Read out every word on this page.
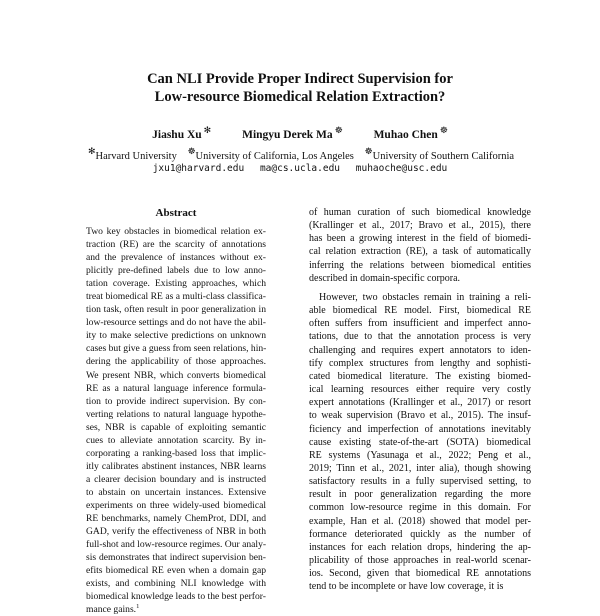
Can NLI Provide Proper Indirect Supervision for
Low-resource Biomedical Relation Extraction?
Jiashu Xu ✻	Mingyu Derek Ma ☸	Muhao Chen ☸
✻Harvard University ☸University of California, Los Angeles ☸University of Southern California
jxu1@harvard.edu ma@cs.ucla.edu muhaoche@usc.edu
Abstract
Two key obstacles in biomedical relation ex-
traction (RE) are the scarcity of annotations
and the prevalence of instances without ex-
plicitly pre-defined labels due to low anno-
tation coverage. Existing approaches, which
treat biomedical RE as a multi-class classifica-
tion task, often result in poor generalization in
low-resource settings and do not have the abil-
ity to make selective predictions on unknown
cases but give a guess from seen relations, hin-
dering the applicability of those approaches.
We present NBR, which converts biomedical
RE as a natural language inference formula-
tion to provide indirect supervision. By con-
verting relations to natural language hypothe-
ses, NBR is capable of exploiting semantic
cues to alleviate annotation scarcity. By in-
corporating a ranking-based loss that implic-
itly calibrates abstinent instances, NBR learns
a clearer decision boundary and is instructed
to abstain on uncertain instances. Extensive
experiments on three widely-used biomedical
RE benchmarks, namely ChemProt, DDI, and
GAD, verify the effectiveness of NBR in both
full-shot and low-resource regimes. Our analy-
sis demonstrates that indirect supervision ben-
efits biomedical RE even when a domain gap
exists, and combining NLI knowledge with
biomedical knowledge leads to the best perfor-
mance gains.$^1$
of human curation of such biomedical knowledge
(Krallinger et al., 2017; Bravo et al., 2015), there
has been a growing interest in the field of biomedi-
cal relation extraction (RE), a task of automatically
inferring the relations between biomedical entities
described in domain-specific corpora.
However, two obstacles remain in training a reli-
able biomedical RE model. First, biomedical RE
often suffers from insufficient and imperfect anno-
tations, due to that the annotation process is very
challenging and requires expert annotators to iden-
tify complex structures from lengthy and sophisti-
cated biomedical literature. The existing biomed-
ical learning resources either require very costly
expert annotations (Krallinger et al., 2017) or resort
to weak supervision (Bravo et al., 2015). The insuf-
ficiency and imperfection of annotations inevitably
cause existing state-of-the-art (SOTA) biomedical
RE systems (Yasunaga et al., 2022; Peng et al.,
2019; Tinn et al., 2021, inter alia), though showing
satisfactory results in a fully supervised setting, to
result in poor generalization regarding the more
common low-resource regime in this domain. For
example, Han et al. (2018) showed that model per-
formance deteriorated quickly as the number of
instances for each relation drops, hindering the ap-
plicability of those approaches in real-world scenar-
ios. Second, given that biomedical RE annotations
tend to be incomplete or have low coverage, it is
